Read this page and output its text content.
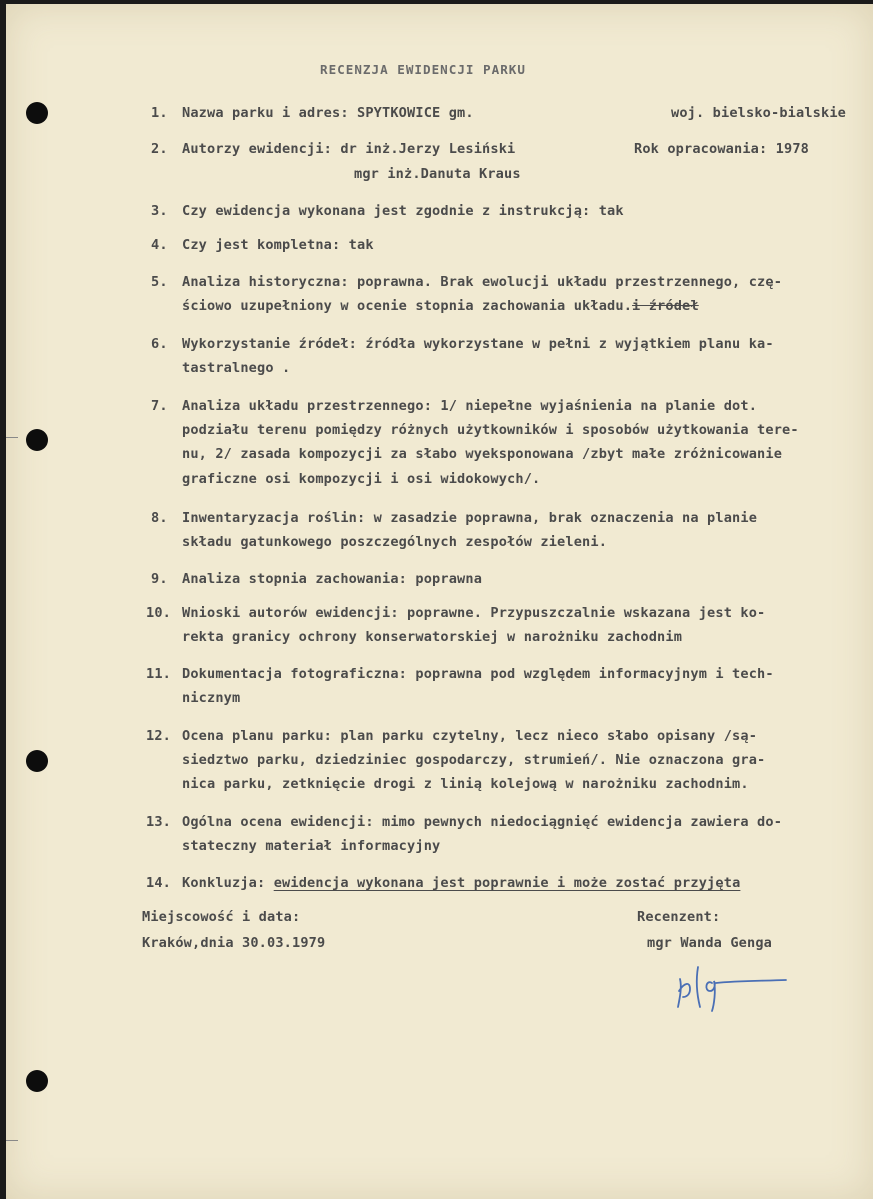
RECENZJA EWIDENCJI PARKU

1. Nazwa parku i adres: SPYTKOWICE gm.	woj. bielsko-bialskie

2. Autorzy ewidencji: dr inż.Jerzy Lesiński	Rok opracowania: 1978

mgr inż.Danuta Kraus

3. Czy ewidencja wykonana jest zgodnie z instrukcją: tak

4. Czy jest kompletna: tak

5. Analiza historyczna: poprawna. Brak ewolucji układu przestrzennego, czę-

ściowo uzupełniony w ocenie stopnia zachowania układu.i źródeł

6. Wykorzystanie źródeł: źródła wykorzystane w pełni z wyjątkiem planu ka-

tastralnego .

7. Analiza układu przestrzennego: 1/ niepełne wyjaśnienia na planie dot.

podziału terenu pomiędzy różnych użytkowników i sposobów użytkowania tere-

nu, 2/ zasada kompozycji za słabo wyeksponowana /zbyt małe zróżnicowanie

graficzne osi kompozycji i osi widokowych/.

8. Inwentaryzacja roślin: w zasadzie poprawna, brak oznaczenia na planie

składu gatunkowego poszczególnych zespołów zieleni.

9. Analiza stopnia zachowania: poprawna

10. Wnioski autorów ewidencji: poprawne. Przypuszczalnie wskazana jest ko-

rekta granicy ochrony konserwatorskiej w narożniku zachodnim

11. Dokumentacja fotograficzna: poprawna pod względem informacyjnym i tech-

nicznym

12. Ocena planu parku: plan parku czytelny, lecz nieco słabo opisany /są-

siedztwo parku, dziedziniec gospodarczy, strumień/. Nie oznaczona gra-

nica parku, zetknięcie drogi z linią kolejową w narożniku zachodnim.

13. Ogólna ocena ewidencji: mimo pewnych niedociągnięć ewidencja zawiera do-

stateczny materiał informacyjny

14. Konkluzja: ewidencja wykonana jest poprawnie i może zostać przyjęta

Miejscowość i data:

Kraków,dnia 30.03.1979

Recenzent:

mgr Wanda Genga
